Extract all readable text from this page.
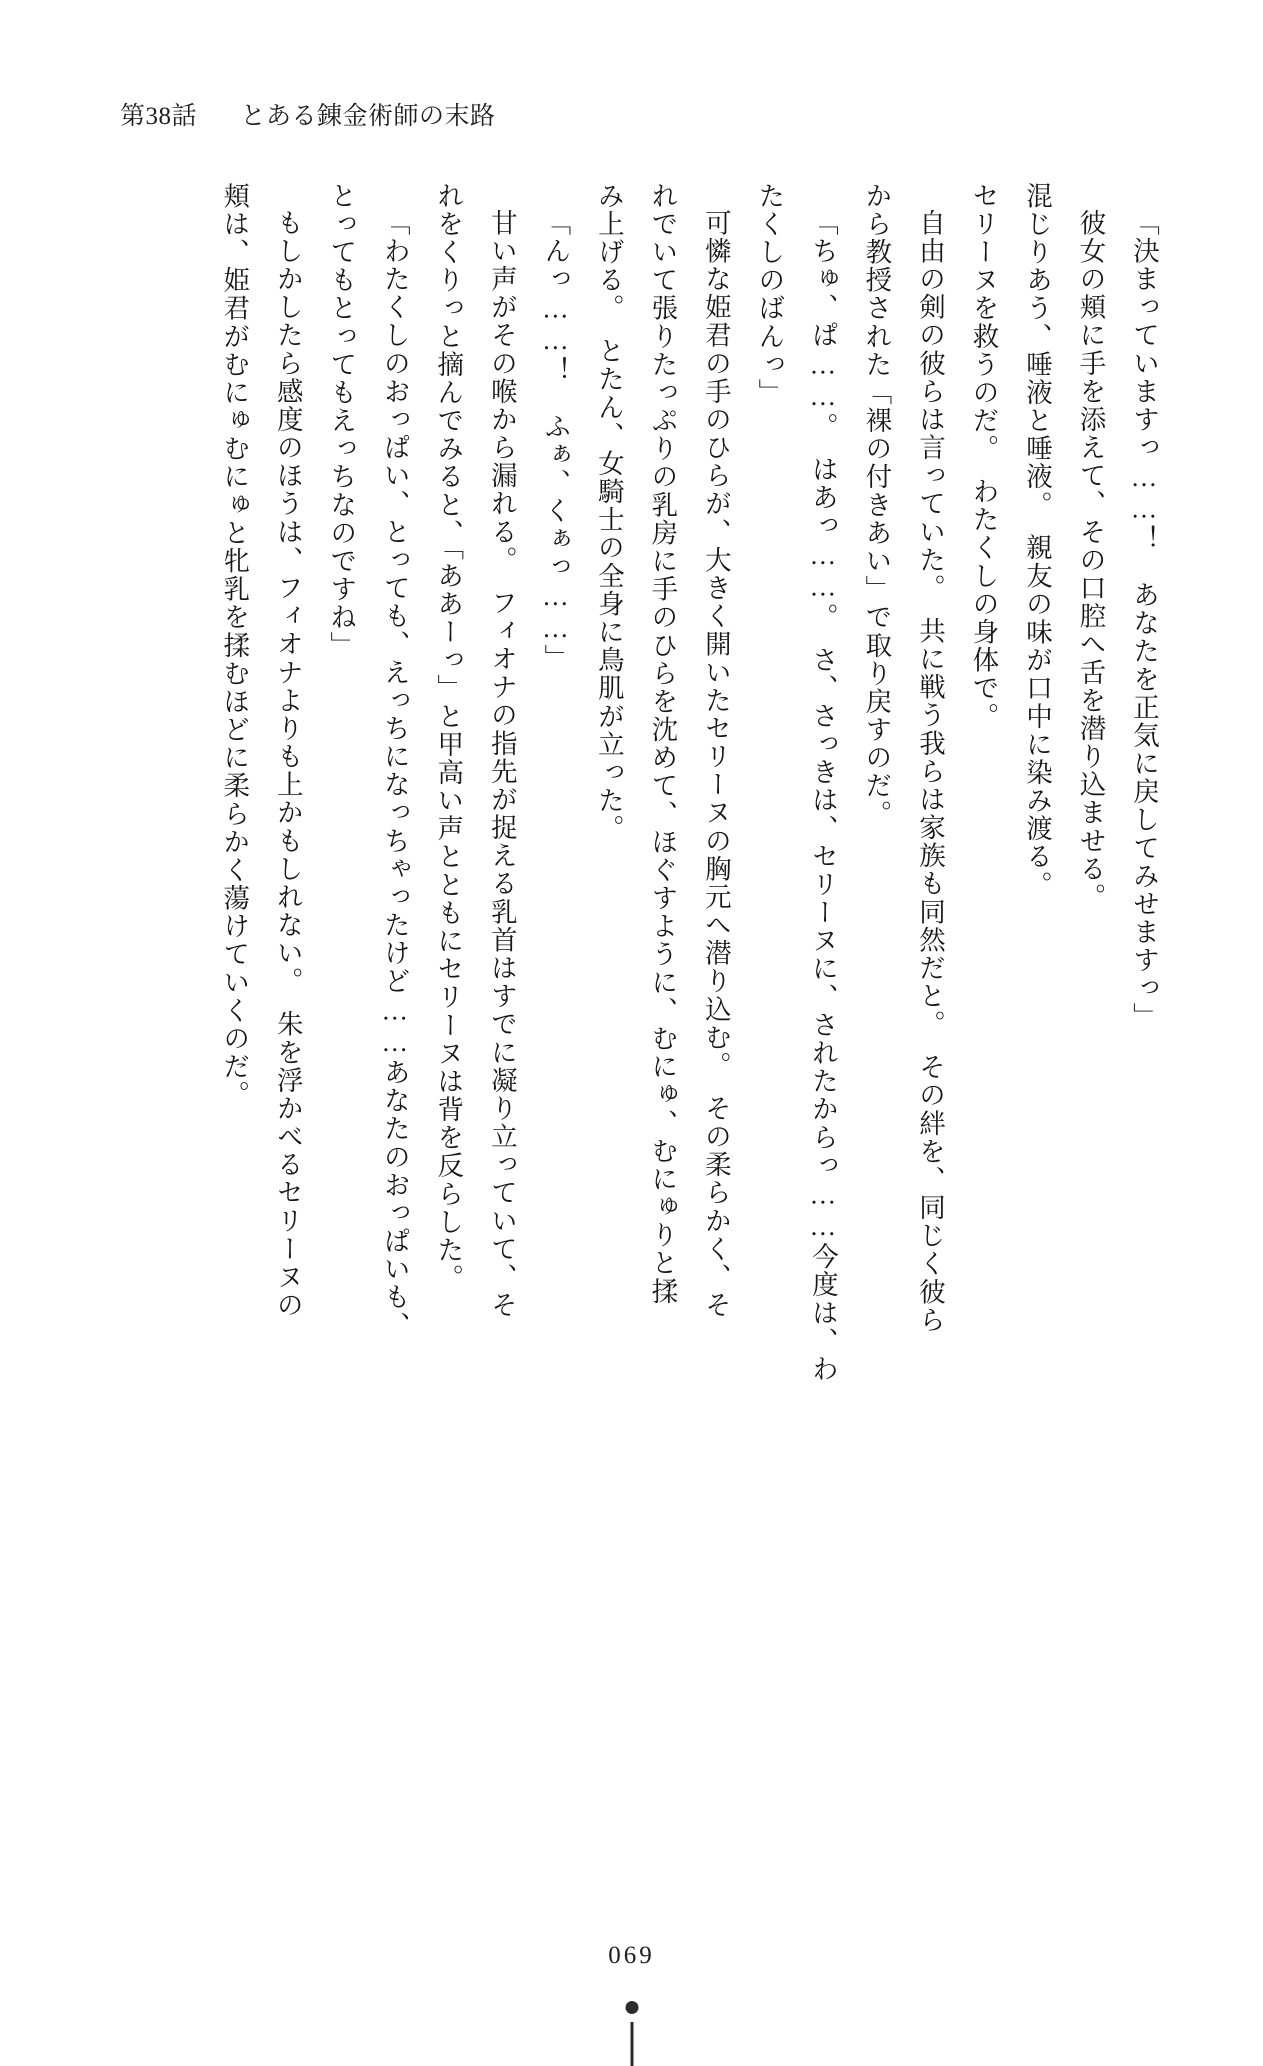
第38話 とある錬金術師の末路

「決まっていますっ……！　あなたを正気に戻してみせますっ」

彼女の頬に手を添えて、その口腔へ舌を潜り込ませる。

混じりあう、唾液と唾液。　親友の味が口中に染み渡る。

セリーヌを救うのだ。　わたくしの身体で。

自由の剣の彼らは言っていた。　共に戦う我らは家族も同然だと。　その絆を、同じく彼ら

から教授された「裸の付きあい」で取り戻すのだ。

「ちゅ、ぱ……。　はあっ……。　さ、さっきは、セリーヌに、されたからっ……今度は、わ

たくしのばんっ」

可憐な姫君の手のひらが、大きく開いたセリーヌの胸元へ潜り込む。　その柔らかく、そ

れでいて張りたっぷりの乳房に手のひらを沈めて、ほぐすように、むにゅ、むにゅりと揉

み上げる。　とたん、女騎士の全身に鳥肌が立った。

「んっ……！　ふぁ、くぁっ……」

甘い声がその喉から漏れる。　フィオナの指先が捉える乳首はすでに凝り立っていて、そ

れをくりっと摘んでみると、「ああーっ」と甲高い声とともにセリーヌは背を反らした。

「わたくしのおっぱい、とっても、えっちになっちゃったけど……あなたのおっぱいも、

とってもとってもえっちなのですね」

もしかしたら感度のほうは、フィオナよりも上かもしれない。　朱を浮かべるセリーヌの

頬は、姫君がむにゅむにゅと牝乳を揉むほどに柔らかく蕩けていくのだ。

069
